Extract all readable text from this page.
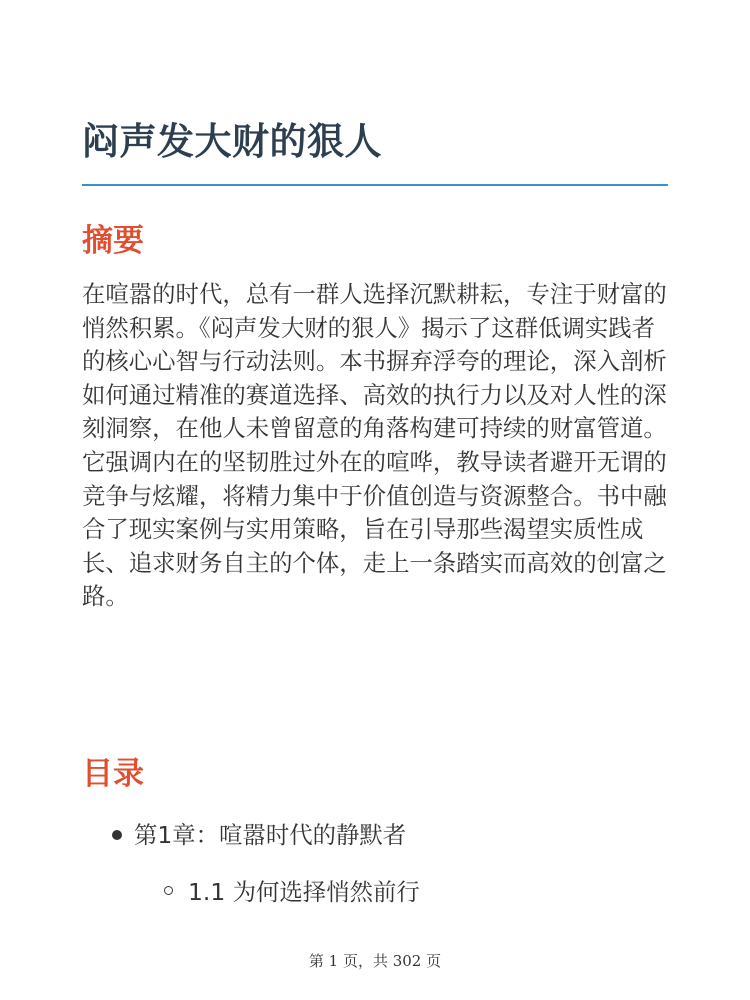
闷声发大财的狠人
摘要

在喧嚣的时代，总有一群人选择沉默耕耘，专注于财富的悄然积累。《闷声发大财的狠人》揭示了这群低调实践者的核心心智与行动法则。本书摒弃浮夸的理论，深入剖析如何通过精准的赛道选择、高效的执行力以及对人性的深刻洞察，在他人未曾留意的角落构建可持续的财富管道。它强调内在的坚韧胜过外在的喧哗，教导读者避开无谓的竞争与炫耀，将精力集中于价值创造与资源整合。书中融合了现实案例与实用策略，旨在引导那些渴望实质性成长、追求财务自主的个体，走上一条踏实而高效的创富之路。

目录
第1章：喧嚣时代的静默者
1.1 为何选择悄然前行
第 1 页，共 302 页
